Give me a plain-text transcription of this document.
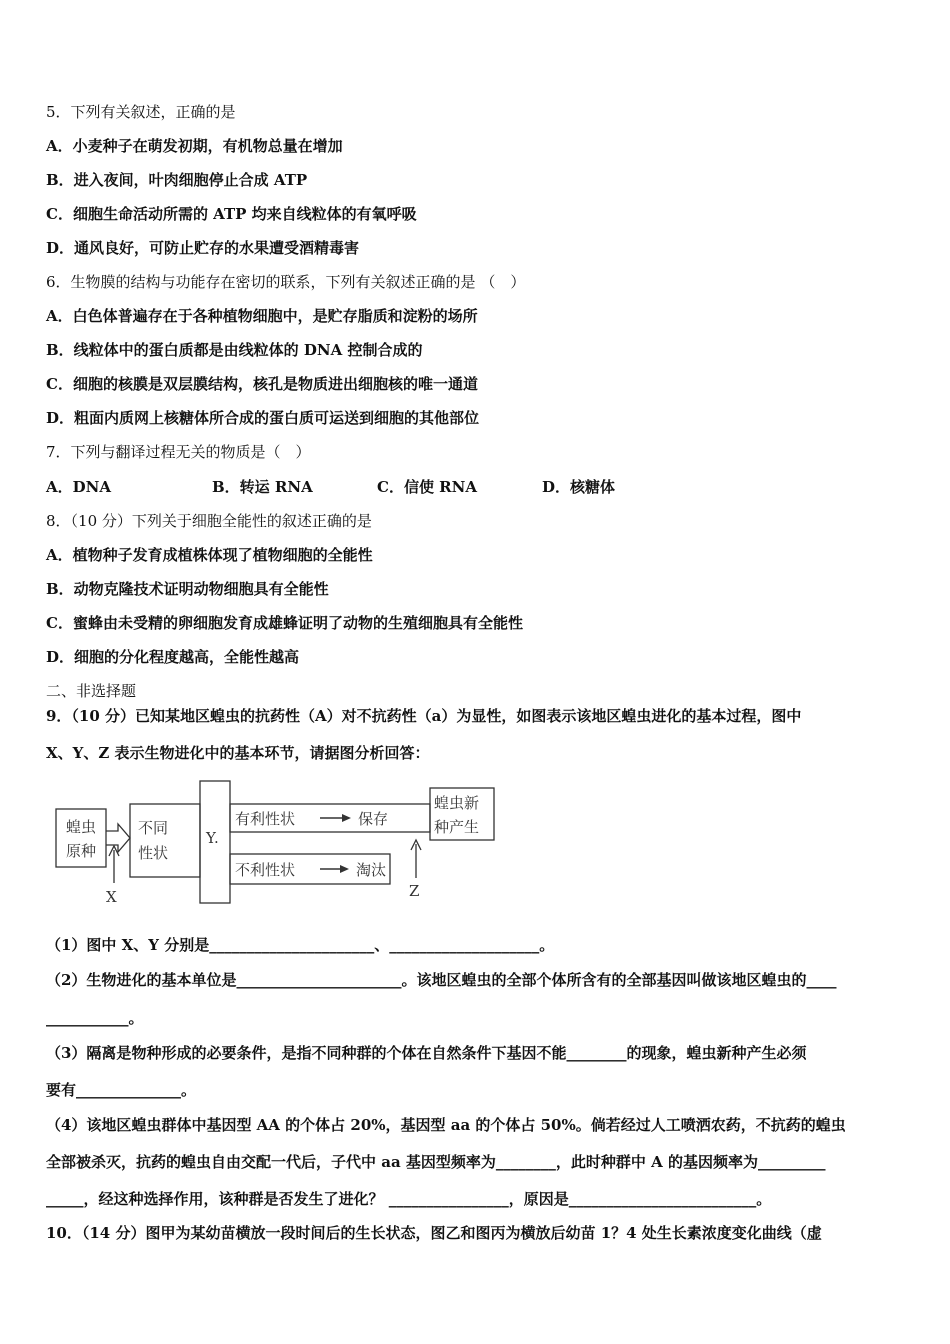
5．下列有关叙述，正确的是
A．小麦种子在萌发初期，有机物总量在增加
B．进入夜间，叶肉细胞停止合成 ATP
C．细胞生命活动所需的 ATP 均来自线粒体的有氧呼吸
D．通风良好，可防止贮存的水果遭受酒精毒害
6．生物膜的结构与功能存在密切的联系，下列有关叙述正确的是 （　）
A．白色体普遍存在于各种植物细胞中，是贮存脂质和淀粉的场所
B．线粒体中的蛋白质都是由线粒体的 DNA 控制合成的
C．细胞的核膜是双层膜结构，核孔是物质进出细胞核的唯一通道
D．粗面内质网上核糖体所合成的蛋白质可运送到细胞的其他部位
7．下列与翻译过程无关的物质是（　）
A．DNA	B．转运 RNA	C．信使 RNA	D．核糖体
8．（10 分）下列关于细胞全能性的叙述正确的是
A．植物种子发育成植株体现了植物细胞的全能性
B．动物克隆技术证明动物细胞具有全能性
C．蜜蜂由未受精的卵细胞发育成雄蜂证明了动物的生殖细胞具有全能性
D．细胞的分化程度越高，全能性越高
二、非选择题
9．（10 分）已知某地区蝗虫的抗药性（A）对不抗药性（a）为显性，如图表示该地区蝗虫进化的基本过程，图中
X、Y、Z 表示生物进化中的基本环节，请据图分析回答：
蝗虫
原种
不同
性状
X
Y.
有利性状	保存
不利性状	淘汰
蝗虫新
种产生
Z
（1）图中 X、Y 分别是______________________、____________________。
（2）生物进化的基本单位是______________________。该地区蝗虫的全部个体所含有的全部基因叫做该地区蝗虫的____
___________。
（3）隔离是物种形成的必要条件，是指不同种群的个体在自然条件下基因不能________的现象，蝗虫新种产生必须
要有______________。
（4）该地区蝗虫群体中基因型 AA 的个体占 20%，基因型 aa 的个体占 50%。倘若经过人工喷洒农药，不抗药的蝗虫
全部被杀灭，抗药的蝗虫自由交配一代后，子代中 aa 基因型频率为________，此时种群中 A 的基因频率为_________
_____，经这种选择作用，该种群是否发生了进化？ ________________，原因是_________________________。
10．（14 分）图甲为某幼苗横放一段时间后的生长状态，图乙和图丙为横放后幼苗 1？4 处生长素浓度变化曲线（虚
